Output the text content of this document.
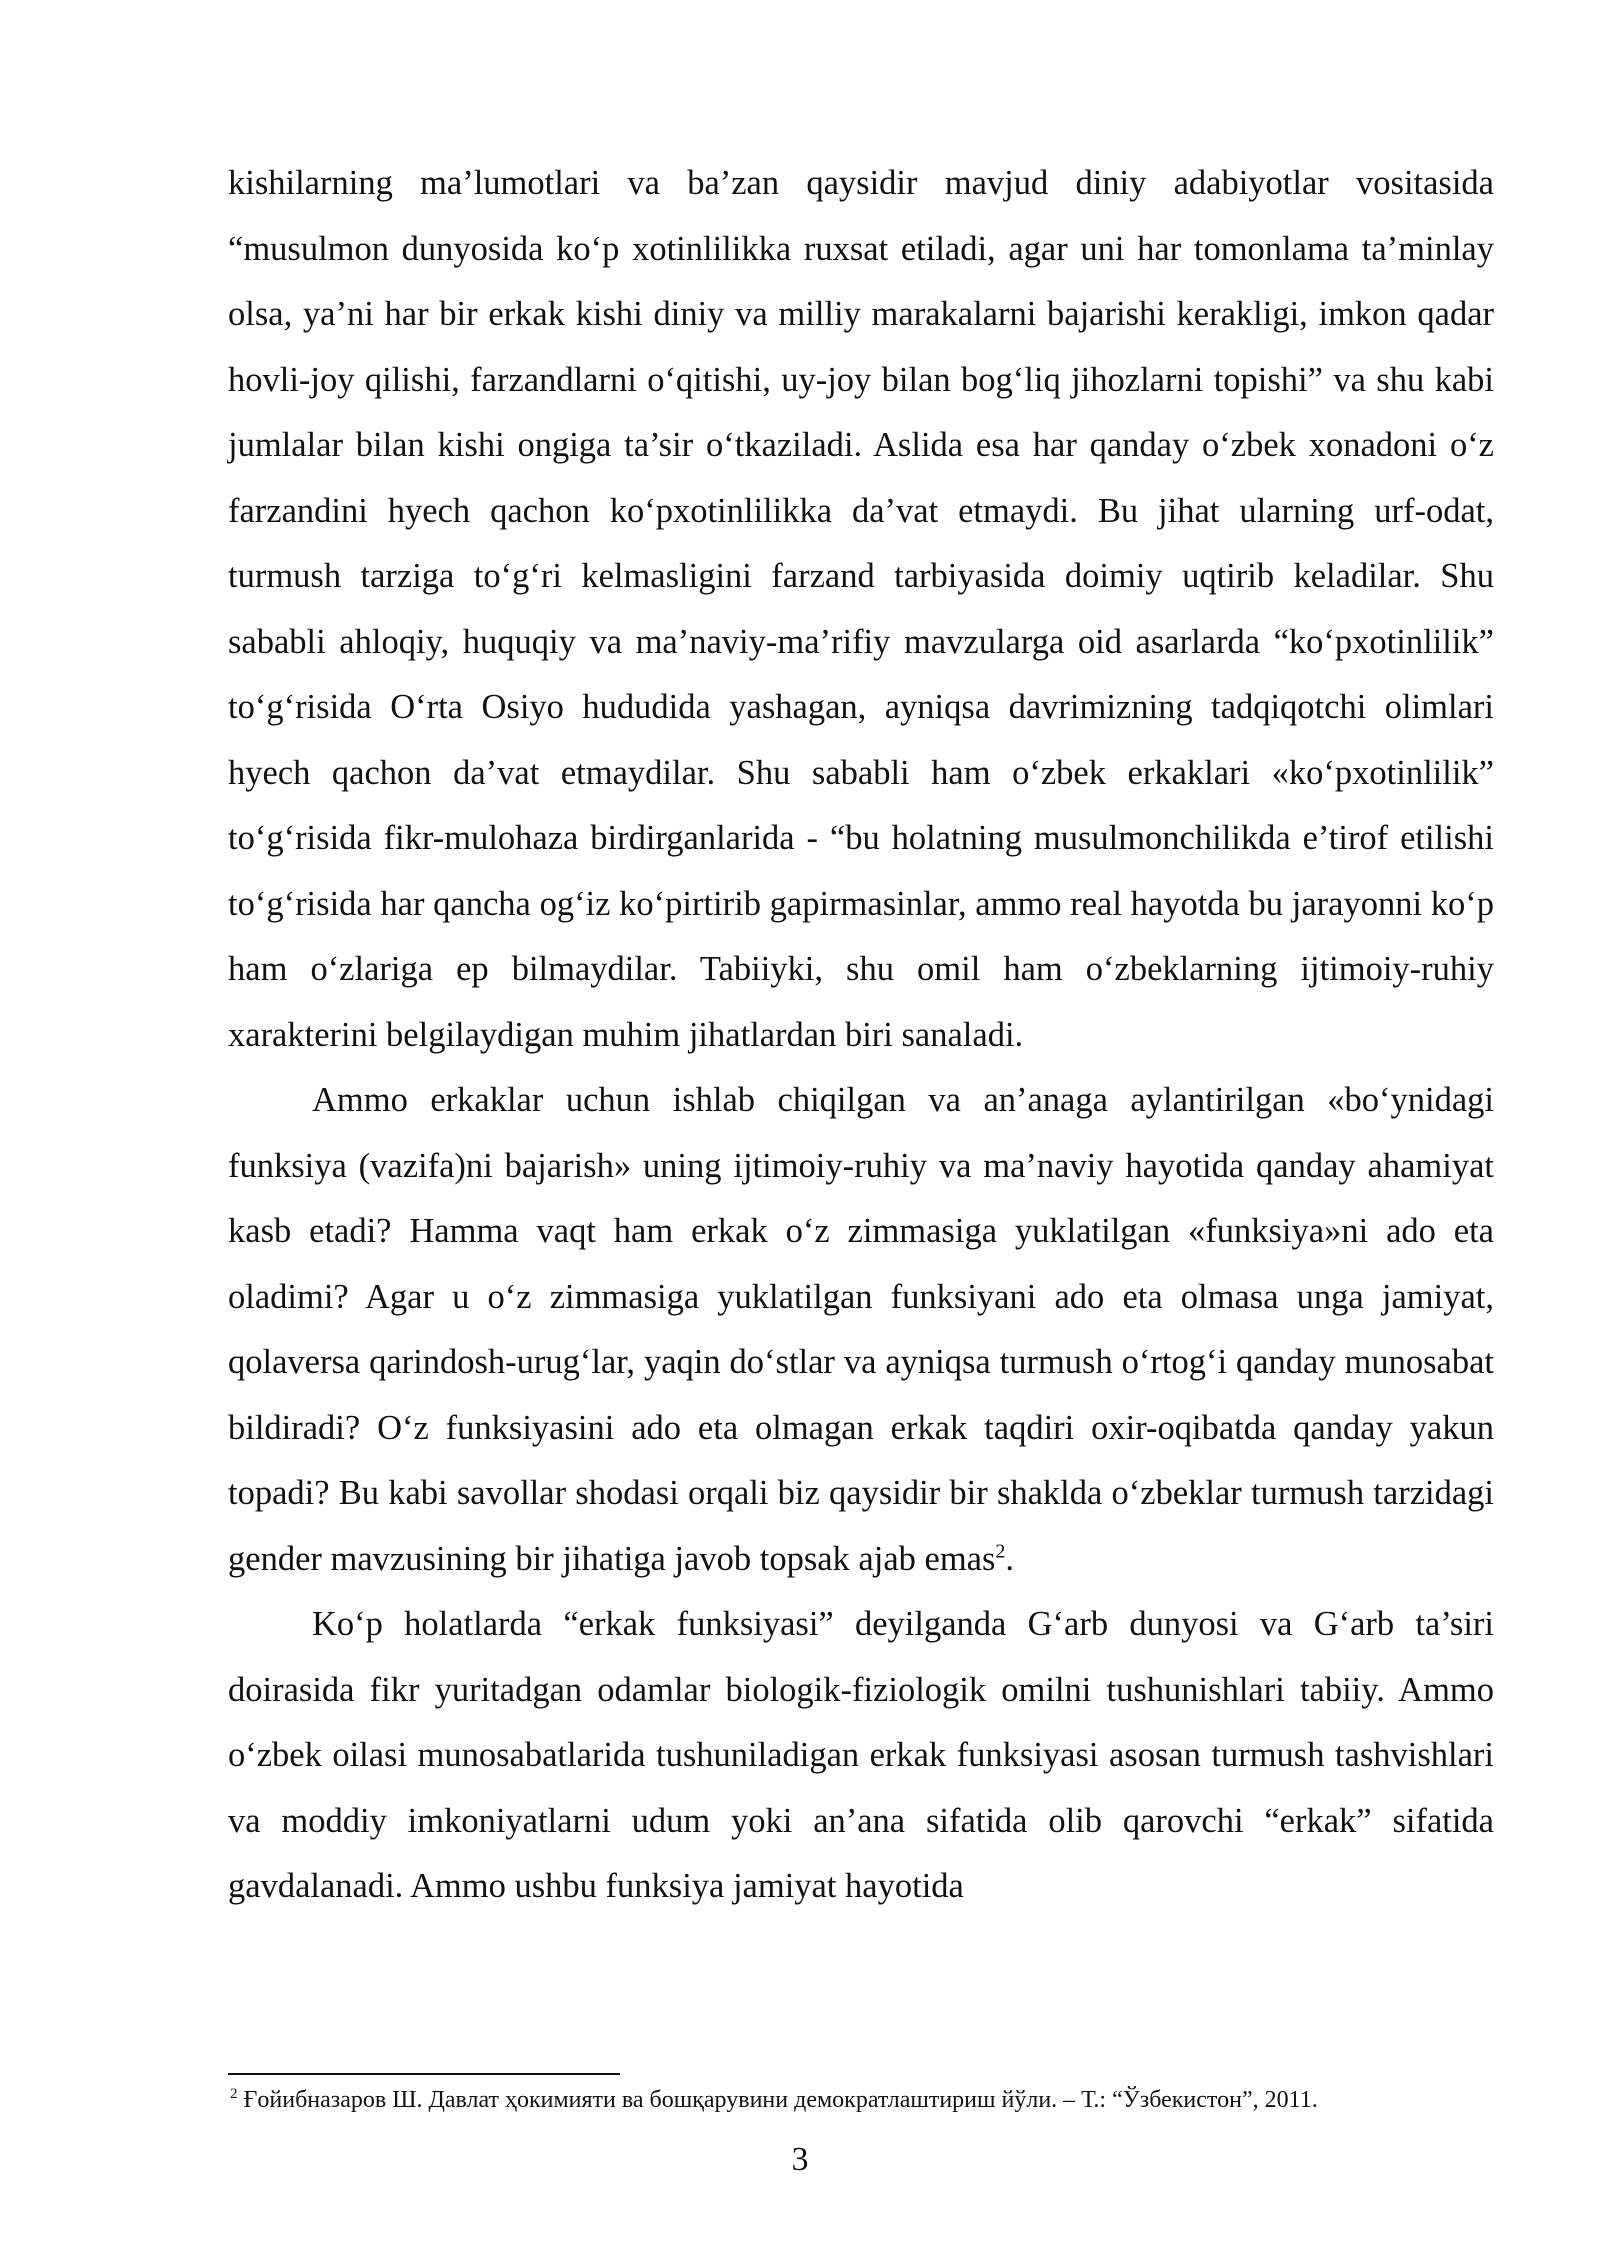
kishilarning ma’lumotlari va ba’zan qaysidir mavjud diniy adabiyotlar vositasida “musulmon dunyosida ko‘p xotinlilikka ruxsat etiladi, agar uni har tomonlama ta’minlay olsa, ya’ni har bir erkak kishi diniy va milliy marakalarni bajarishi kerakligi, imkon qadar hovli-joy qilishi, farzandlarni o‘qitishi, uy-joy bilan bog‘liq jihozlarni topishi” va shu kabi jumlalar bilan kishi ongiga ta’sir o‘tkaziladi. Aslida esa har qanday o‘zbek xonadoni o‘z farzandini hyech qachon ko‘pxotinlilikka da’vat etmaydi. Bu jihat ularning urf-odat, turmush tarziga to‘g‘ri kelmasligini farzand tarbiyasida doimiy uqtirib keladilar. Shu sababli ahloqiy, huquqiy va ma’naviy-ma’rifiy mavzularga oid asarlarda “ko‘pxotinlilik” to‘g‘risida O‘rta Osiyo hududida yashagan, ayniqsa davrimizning tadqiqotchi olimlari hyech qachon da’vat etmaydilar. Shu sababli ham o‘zbek erkaklari «ko‘pxotinlilik” to‘g‘risida fikr-mulohaza birdirganlarida - “bu holatning musulmonchilikda e’tirof etilishi to‘g‘risida har qancha og‘iz ko‘pirtirib gapirmasinlar, ammo real hayotda bu jarayonni ko‘p ham o‘zlariga ep bilmaydilar. Tabiiyki, shu omil ham o‘zbeklarning ijtimoiy-ruhiy xarakterini belgilaydigan muhim jihatlardan biri sanaladi.

Ammo erkaklar uchun ishlab chiqilgan va an’anaga aylantirilgan «bo‘ynidagi funksiya (vazifa)ni bajarish» uning ijtimoiy-ruhiy va ma’naviy hayotida qanday ahamiyat kasb etadi? Hamma vaqt ham erkak o‘z zimmasiga yuklatilgan «funksiya»ni ado eta oladimi? Agar u o‘z zimmasiga yuklatilgan funksiyani ado eta olmasa unga jamiyat, qolaversa qarindosh-urug‘lar, yaqin do‘stlar va ayniqsa turmush o‘rtog‘i qanday munosabat bildiradi? O‘z funksiyasini ado eta olmagan erkak taqdiri oxir-oqibatda qanday yakun topadi? Bu kabi savollar shodasi orqali biz qaysidir bir shaklda o‘zbeklar turmush tarzidagi gender mavzusining bir jihatiga javob topsak ajab emas$^2$.

Ko‘p holatlarda “erkak funksiyasi” deyilganda G‘arb dunyosi va G‘arb ta’siri doirasida fikr yuritadgan odamlar biologik-fiziologik omilni tushunishlari tabiiy. Ammo o‘zbek oilasi munosabatlarida tushuniladigan erkak funksiyasi asosan turmush tashvishlari va moddiy imkoniyatlarni udum yoki an’ana sifatida olib qarovchi “erkak” sifatida gavdalanadi. Ammo ushbu funksiya jamiyat hayotida

$^2$ Ғойибназаров Ш. Давлат ҳокимияти ва бошқарувини демократлаштириш йўли. – Т.: “Ўзбекистон”, 2011.
3
